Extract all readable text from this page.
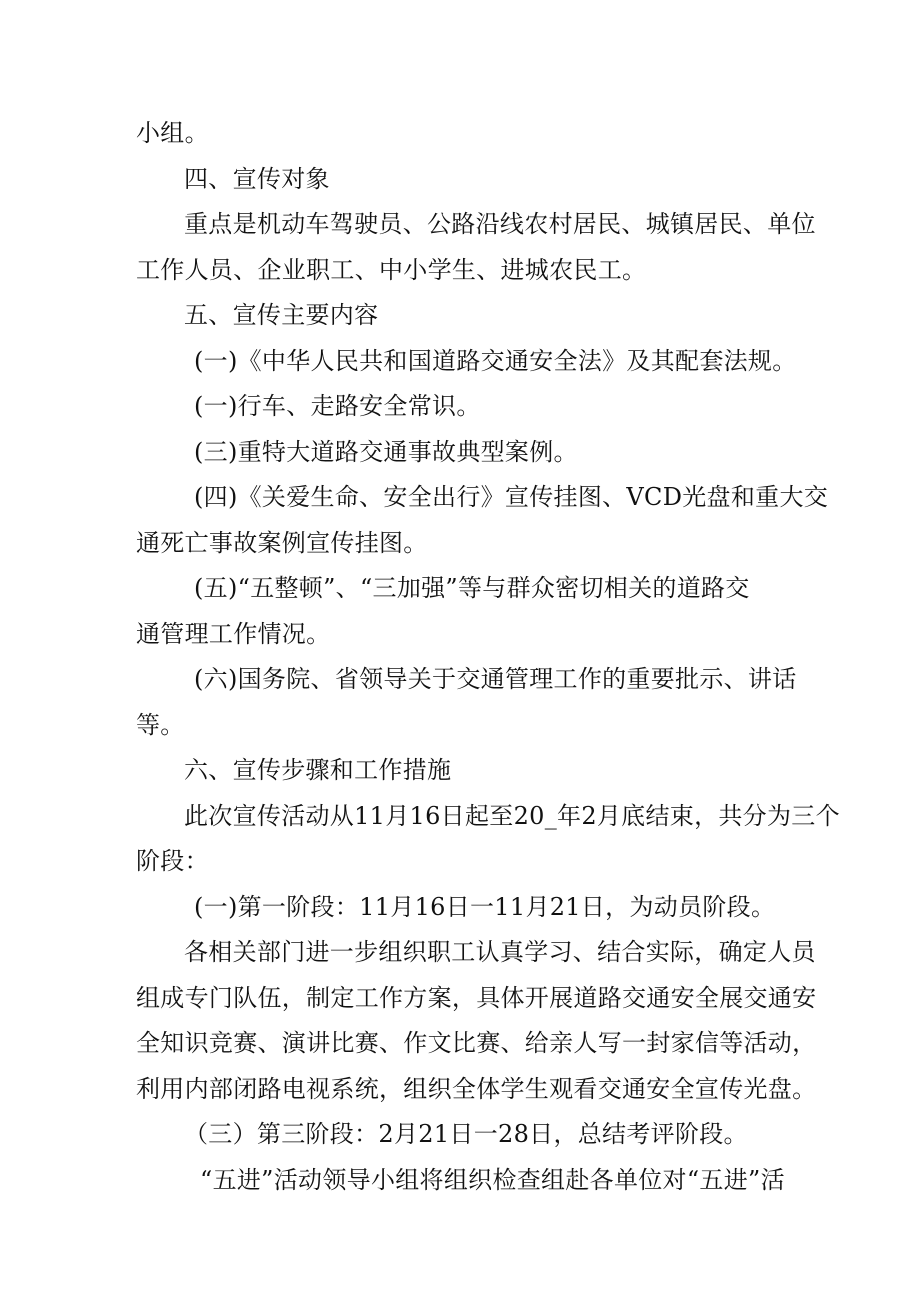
小组。

四、宣传对象

重点是机动车驾驶员、公路沿线农村居民、城镇居民、单位

工作人员、企业职工、中小学生、进城农民工。

五、宣传主要内容

(一)《中华人民共和国道路交通安全法》及其配套法规。

(一)行车、走路安全常识。

(三)重特大道路交通事故典型案例。

(四)《关爱生命、安全出行》宣传挂图、VCD光盘和重大交

通死亡事故案例宣传挂图。

(五)“五整顿”、“三加强”等与群众密切相关的道路交

通管理工作情况。

(六)国务院、省领导关于交通管理工作的重要批示、讲话

等。

六、宣传步骤和工作措施

此次宣传活动从11月16日起至20_年2月底结束，共分为三个

阶段：

(一)第一阶段：11月16日一11月21日，为动员阶段。

各相关部门进一步组织职工认真学习、结合实际，确定人员

组成专门队伍，制定工作方案，具体开展道路交通安全展交通安

全知识竞赛、演讲比赛、作文比赛、给亲人写一封家信等活动，

利用内部闭路电视系统，组织全体学生观看交通安全宣传光盘。

（三）第三阶段：2月21日一28日，总结考评阶段。

“五进”活动领导小组将组织检查组赴各单位对“五进”活
